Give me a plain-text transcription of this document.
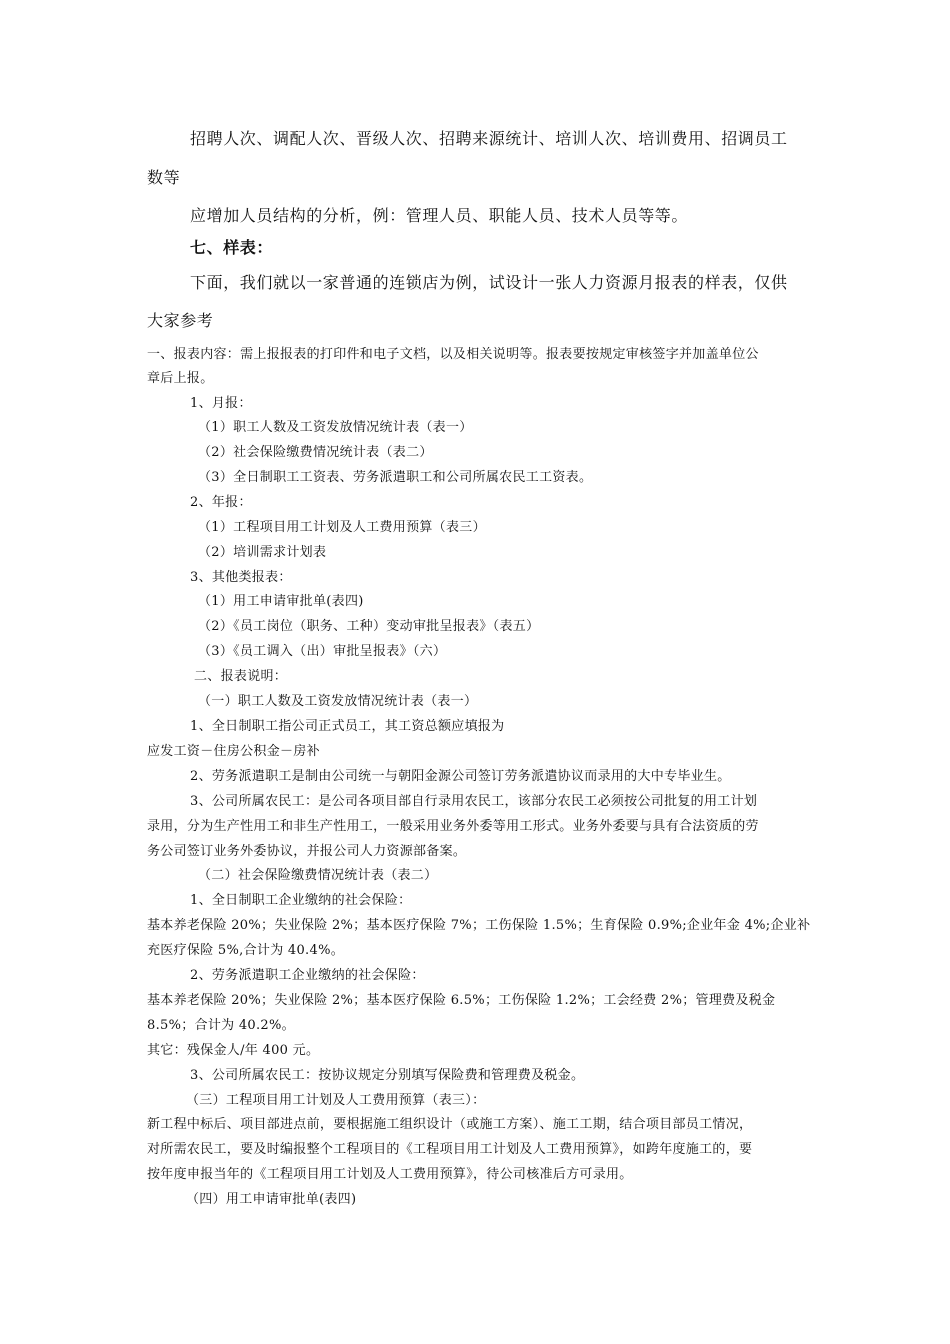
招聘人次、调配人次、晋级人次、招聘来源统计、培训人次、培训费用、招调员工
数等
应增加人员结构的分析，例：管理人员、职能人员、技术人员等等。
七、样表：
下面，我们就以一家普通的连锁店为例，试设计一张人力资源月报表的样表，仅供
大家参考
一、报表内容：需上报报表的打印件和电子文档，以及相关说明等。报表要按规定审核签字并加盖单位公
章后上报。
1、月报：
（1）职工人数及工资发放情况统计表（表一）
（2）社会保险缴费情况统计表（表二）
（3）全日制职工工资表、劳务派遣职工和公司所属农民工工资表。
2、年报：
（1）工程项目用工计划及人工费用预算（表三）
（2）培训需求计划表
3、其他类报表：
（1）用工申请审批单(表四)
（2）《员工岗位（职务、工种）变动审批呈报表》（表五）
（3）《员工调入（出）审批呈报表》（六）
二、报表说明：
（一）职工人数及工资发放情况统计表（表一）
1、全日制职工指公司正式员工，其工资总额应填报为
应发工资－住房公积金－房补
2、劳务派遣职工是制由公司统一与朝阳金源公司签订劳务派遣协议而录用的大中专毕业生。
3、公司所属农民工：是公司各项目部自行录用农民工，该部分农民工必须按公司批复的用工计划
录用，分为生产性用工和非生产性用工，一般采用业务外委等用工形式。业务外委要与具有合法资质的劳
务公司签订业务外委协议，并报公司人力资源部备案。
（二）社会保险缴费情况统计表（表二）
1、全日制职工企业缴纳的社会保险：
基本养老保险 20%；失业保险 2%；基本医疗保险 7%；工伤保险 1.5%；生育保险 0.9%;企业年金 4%;企业补
充医疗保险 5%,合计为 40.4%。
2、劳务派遣职工企业缴纳的社会保险：
基本养老保险 20%；失业保险 2%；基本医疗保险 6.5%；工伤保险 1.2%；工会经费 2%；管理费及税金
8.5%；合计为 40.2%。
其它：残保金人/年 400 元。
3、公司所属农民工：按协议规定分别填写保险费和管理费及税金。
（三）工程项目用工计划及人工费用预算（表三）：
新工程中标后、项目部进点前，要根据施工组织设计（或施工方案）、施工工期，结合项目部员工情况，
对所需农民工，要及时编报整个工程项目的《工程项目用工计划及人工费用预算》，如跨年度施工的，要
按年度申报当年的《工程项目用工计划及人工费用预算》，待公司核准后方可录用。
（四）用工申请审批单(表四)
